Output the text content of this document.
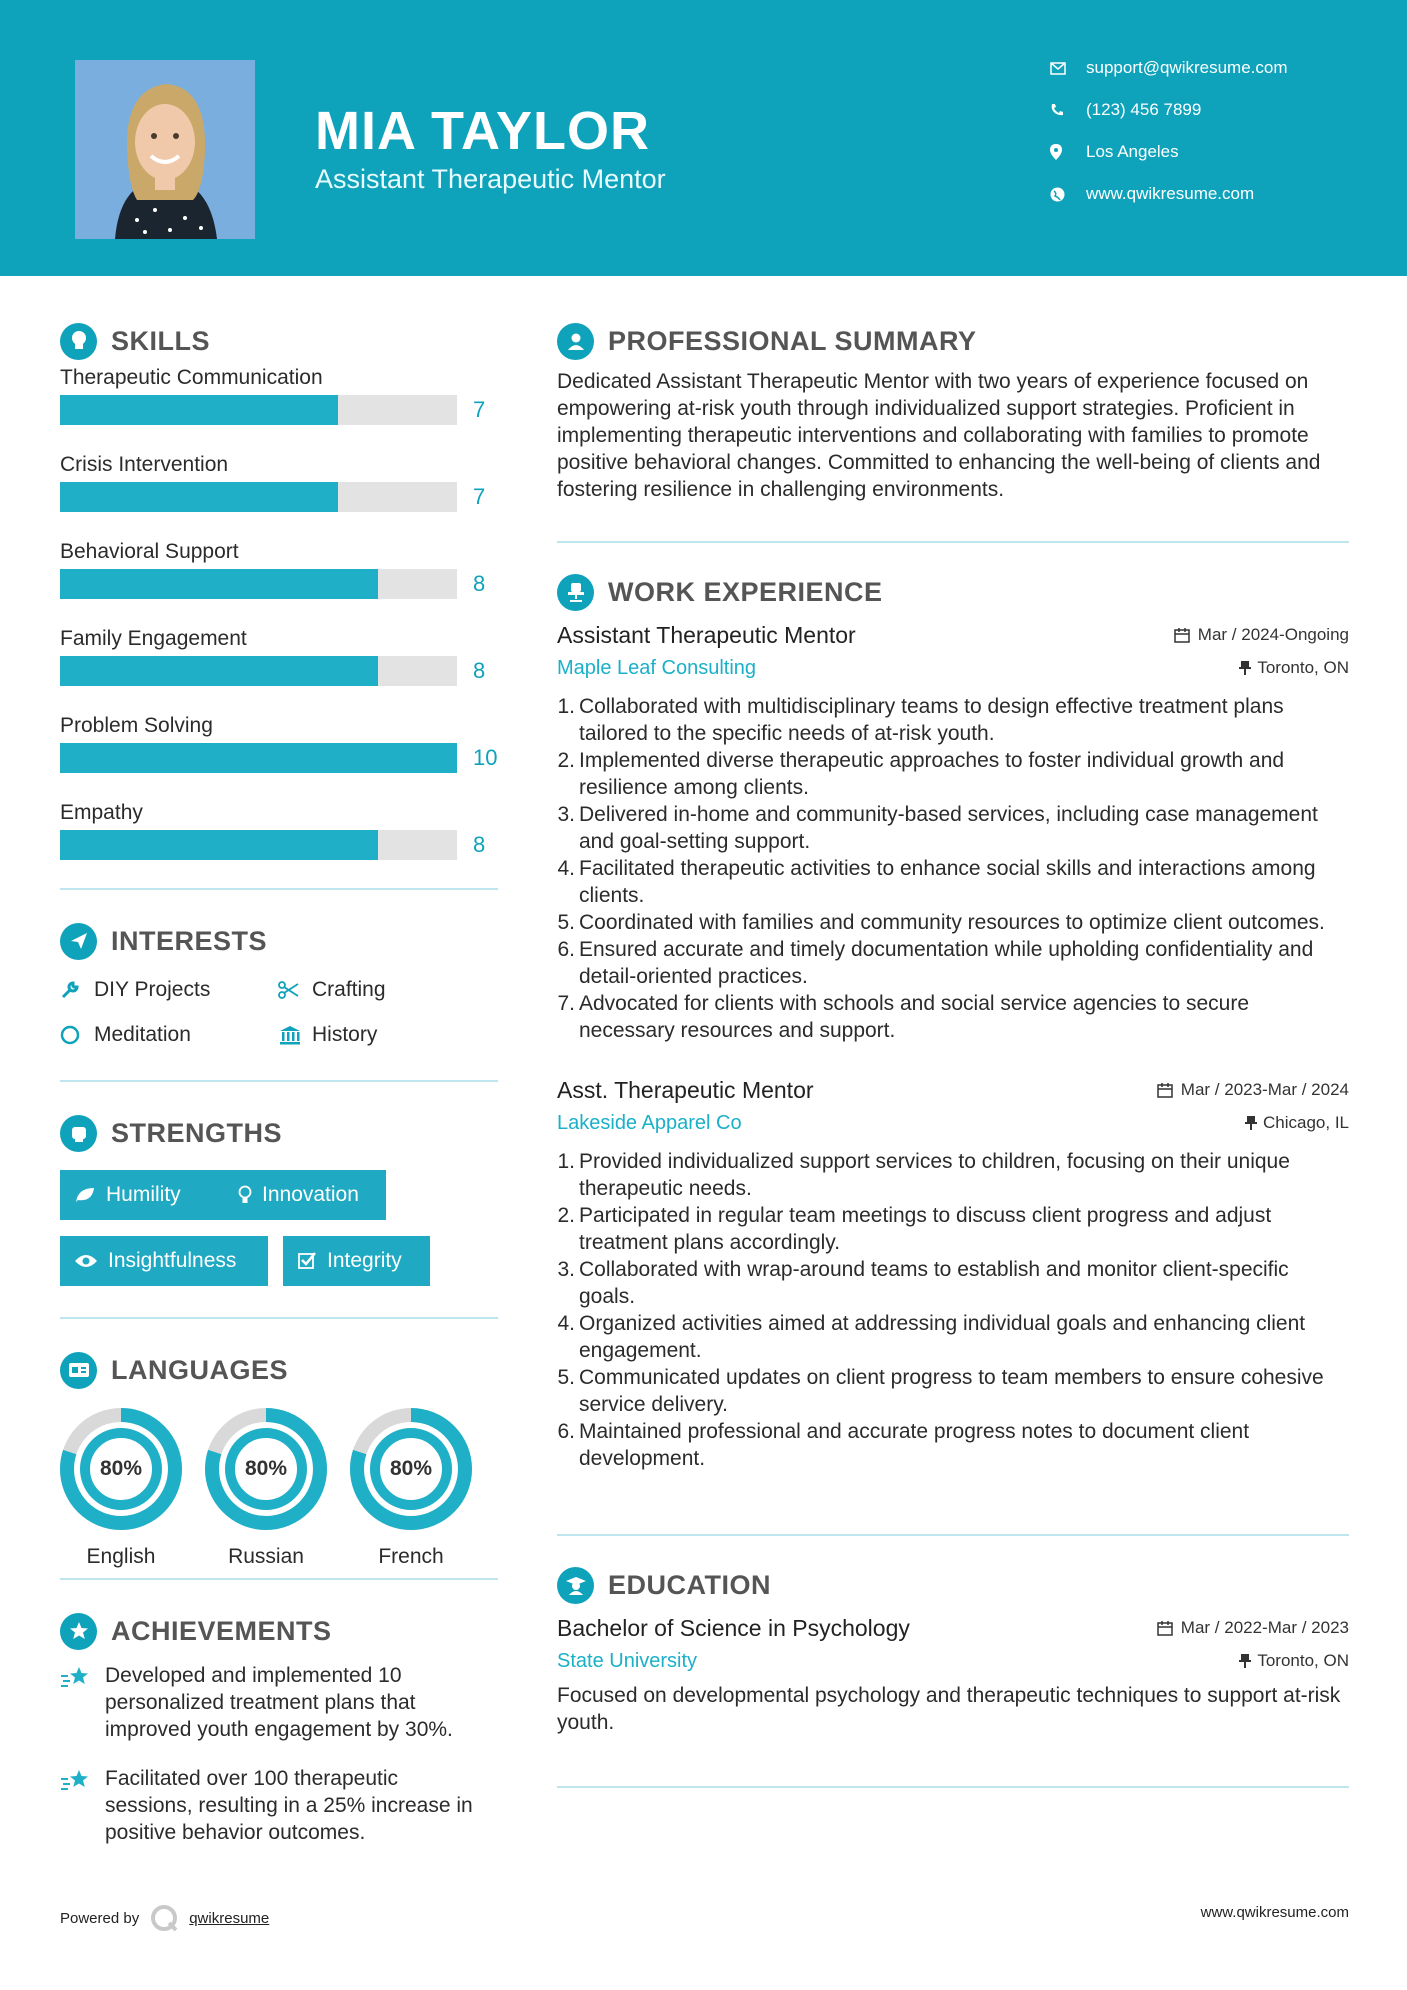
MIA TAYLOR
Assistant Therapeutic Mentor
support@qwikresume.com
(123) 456 7899
Los Angeles
www.qwikresume.com
SKILLS
Therapeutic Communication
7
Crisis Intervention
7
Behavioral Support
8
Family Engagement
8
Problem Solving
10
Empathy
8
INTERESTS
DIY Projects	Crafting
Meditation	History
STRENGTHS
Humility	Innovation
Insightfulness	Integrity
LANGUAGES
80%
English
80%
Russian
80%
French
ACHIEVEMENTS
Developed and implemented 10 personalized treatment plans that improved youth engagement by 30%.
Facilitated over 100 therapeutic sessions, resulting in a 25% increase in positive behavior outcomes.
PROFESSIONAL SUMMARY
Dedicated Assistant Therapeutic Mentor with two years of experience focused on empowering at-risk youth through individualized support strategies. Proficient in implementing therapeutic interventions and collaborating with families to promote positive behavioral changes. Committed to enhancing the well-being of clients and fostering resilience in challenging environments.
WORK EXPERIENCE
Assistant Therapeutic Mentor	Mar / 2024-Ongoing
Maple Leaf Consulting	Toronto, ON
1. Collaborated with multidisciplinary teams to design effective treatment plans tailored to the specific needs of at-risk youth.
2. Implemented diverse therapeutic approaches to foster individual growth and resilience among clients.
3. Delivered in-home and community-based services, including case management and goal-setting support.
4. Facilitated therapeutic activities to enhance social skills and interactions among clients.
5. Coordinated with families and community resources to optimize client outcomes.
6. Ensured accurate and timely documentation while upholding confidentiality and detail-oriented practices.
7. Advocated for clients with schools and social service agencies to secure necessary resources and support.
Asst. Therapeutic Mentor	Mar / 2023-Mar / 2024
Lakeside Apparel Co	Chicago, IL
1. Provided individualized support services to children, focusing on their unique therapeutic needs.
2. Participated in regular team meetings to discuss client progress and adjust treatment plans accordingly.
3. Collaborated with wrap-around teams to establish and monitor client-specific goals.
4. Organized activities aimed at addressing individual goals and enhancing client engagement.
5. Communicated updates on client progress to team members to ensure cohesive service delivery.
6. Maintained professional and accurate progress notes to document client development.
EDUCATION
Bachelor of Science in Psychology	Mar / 2022-Mar / 2023
State University	Toronto, ON
Focused on developmental psychology and therapeutic techniques to support at-risk youth.
Powered by	qwikresume	www.qwikresume.com
